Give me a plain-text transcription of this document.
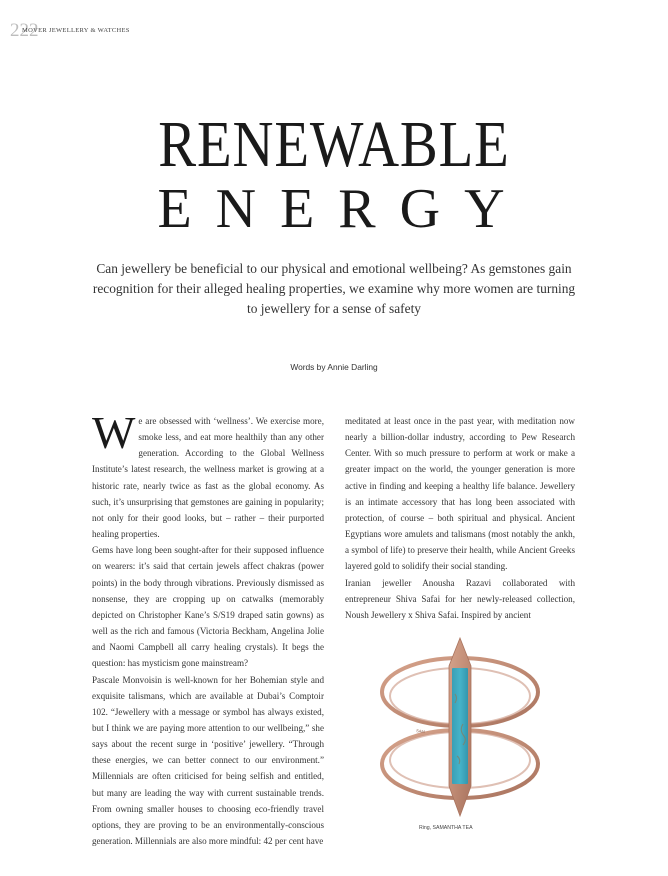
222
MOVER JEWELLERY & WATCHES
RENEWABLE
ENERGY
Can jewellery be beneficial to our physical and emotional wellbeing? As gemstones gain recognition for their alleged healing properties, we examine why more women are turning to jewellery for a sense of safety
Words by Annie Darling

We are obsessed with ‘wellness’. We exercise more, smoke less, and eat more healthily than any other generation. According to the Global Wellness Institute’s latest research, the wellness market is growing at a historic rate, nearly twice as fast as the global economy. As such, it’s unsurprising that gemstones are gaining in popularity; not only for their good looks, but – rather – their purported healing properties.

Gems have long been sought-after for their supposed influence on wearers: it’s said that certain jewels affect chakras (power points) in the body through vibrations. Previously dismissed as nonsense, they are cropping up on catwalks (memorably depicted on Christopher Kane’s S/S19 draped satin gowns) as well as the rich and famous (Victoria Beckham, Angelina Jolie and Naomi Campbell all carry healing crystals). It begs the question: has mysticism gone mainstream?

Pascale Monvoisin is well-known for her Bohemian style and exquisite talismans, which are available at Dubai’s Comptoir 102. “Jewellery with a message or symbol has always existed, but I think we are paying more attention to our wellbeing,” she says about the recent surge in ‘positive’ jewellery. “Through these energies, we can better connect to our environment.” Millennials are often criticised for being selfish and entitled, but many are leading the way with current sustainable trends. From owning smaller houses to choosing eco-friendly travel options, they are proving to be an environmentally-conscious generation. Millennials are also more mindful: 42 per cent have

meditated at least once in the past year, with meditation now nearly a billion-dollar industry, according to Pew Research Center. With so much pressure to perform at work or make a greater impact on the world, the younger generation is more active in finding and keeping a healthy life balance. Jewellery is an intimate accessory that has long been associated with protection, of course – both spiritual and physical. Ancient Egyptians wore amulets and talismans (most notably the ankh, a symbol of life) to preserve their health, while Ancient Greeks layered gold to solidify their social standing.

Iranian jeweller Anousha Razavi collaborated with entrepreneur Shiva Safai for her newly-released collection, Noush Jewellery x Shiva Safai. Inspired by ancient

SAM
Ring, SAMANTHA TEA
